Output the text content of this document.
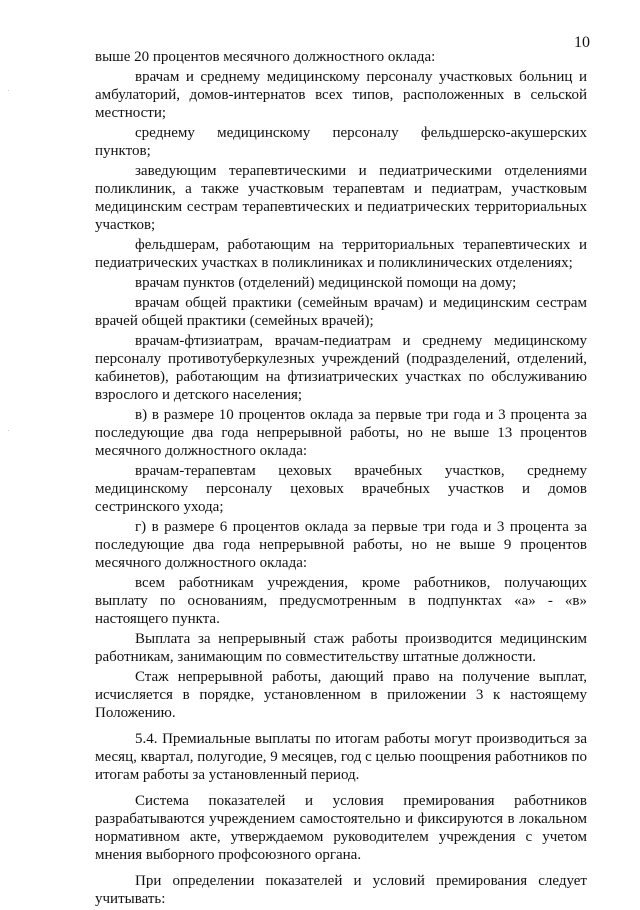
10

выше 20 процентов месячного должностного оклада:

врачам и среднему медицинскому персоналу участковых больниц и амбулаторий, домов-интернатов всех типов, расположенных в сельской местности;

среднему медицинскому персоналу фельдшерско-акушерских пунктов;

заведующим терапевтическими и педиатрическими отделениями поликлиник, а также участковым терапевтам и педиатрам, участковым медицинским сестрам терапевтических и педиатрических территориальных участков;

фельдшерам, работающим на территориальных терапевтических и педиатрических участках в поликлиниках и поликлинических отделениях;

врачам пунктов (отделений) медицинской помощи на дому;

врачам общей практики (семейным врачам) и медицинским сестрам врачей общей практики (семейных врачей);

врачам-фтизиатрам, врачам-педиатрам и среднему медицинскому персоналу противотуберкулезных учреждений (подразделений, отделений, кабинетов), работающим на фтизиатрических участках по обслуживанию взрослого и детского населения;

в) в размере 10 процентов оклада за первые три года и 3 процента за последующие два года непрерывной работы, но не выше 13 процентов месячного должностного оклада:

врачам-терапевтам цеховых врачебных участков, среднему медицинскому персоналу цеховых врачебных участков и домов сестринского ухода;

г) в размере 6 процентов оклада за первые три года и 3 процента за последующие два года непрерывной работы, но не выше 9 процентов месячного должностного оклада:

всем работникам учреждения, кроме работников, получающих выплату по основаниям, предусмотренным в подпунктах «а» - «в» настоящего пункта.

Выплата за непрерывный стаж работы производится медицинским работникам, занимающим по совместительству штатные должности.

Стаж непрерывной работы, дающий право на получение выплат, исчисляется в порядке, установленном в приложении 3 к настоящему Положению.

5.4. Премиальные выплаты по итогам работы могут производиться за месяц, квартал, полугодие, 9 месяцев, год с целью поощрения работников по итогам работы за установленный период.

Система показателей и условия премирования работников разрабатываются учреждением самостоятельно и фиксируются в локальном нормативном акте, утверждаемом руководителем учреждения с учетом мнения выборного профсоюзного органа.

При определении показателей и условий премирования следует учитывать:
